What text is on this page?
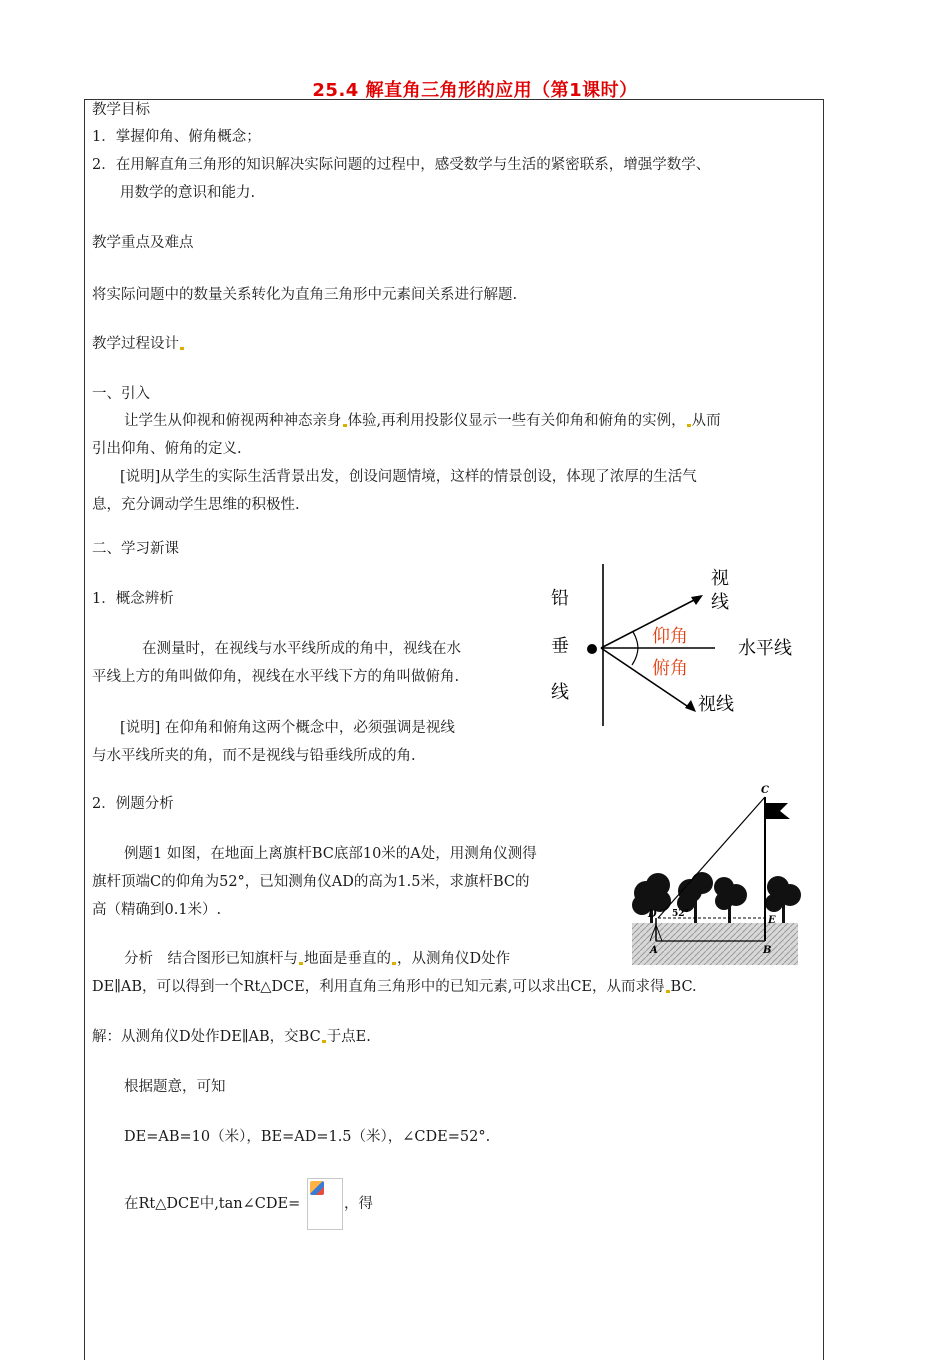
25.4 解直角三角形的应用（第1课时）
教学目标
1．掌握仰角、俯角概念；
2．在用解直角三角形的知识解决实际问题的过程中，感受数学与生活的紧密联系，增强学数学、
用数学的意识和能力.
教学重点及难点
将实际问题中的数量关系转化为直角三角形中元素间关系进行解题.
教学过程设计
一、引入
让学生从仰视和俯视两种神态亲身 体验,再利用投影仪显示一些有关仰角和俯角的实例， 从而
引出仰角、俯角的定义.
[说明]从学生的实际生活背景出发，创设问题情境，这样的情景创设，体现了浓厚的生活气
息，充分调动学生思维的积极性.
二、学习新课
1．概念辨析
在测量时，在视线与水平线所成的角中，视线在水
平线上方的角叫做仰角，视线在水平线下方的角叫做俯角.
[说明] 在仰角和俯角这两个概念中，必须强调是视线
与水平线所夹的角，而不是视线与铅垂线所成的角.
铅
垂
线
视
线
仰角
俯角
水平线
视线
2．例题分析
例题1 如图，在地面上离旗杆BC底部10米的A处，用测角仪测得
旗杆顶端C的仰角为52°，已知测角仪AD的高为1.5米，求旗杆BC的
高（精确到0.1米）.
C
D
E
A	B
52°
分析　结合图形已知旗杆与 地面是垂直的 ，从测角仪D处作
DE∥AB，可以得到一个Rt△DCE，利用直角三角形中的已知元素,可以求出CE，从而求得 BC.
解：从测角仪D处作DE∥AB，交BC 于点E.
根据题意，可知
DE=AB=10（米），BE=AD=1.5（米），∠CDE=52°.
在Rt△DCE中,tan∠CDE=	，得
